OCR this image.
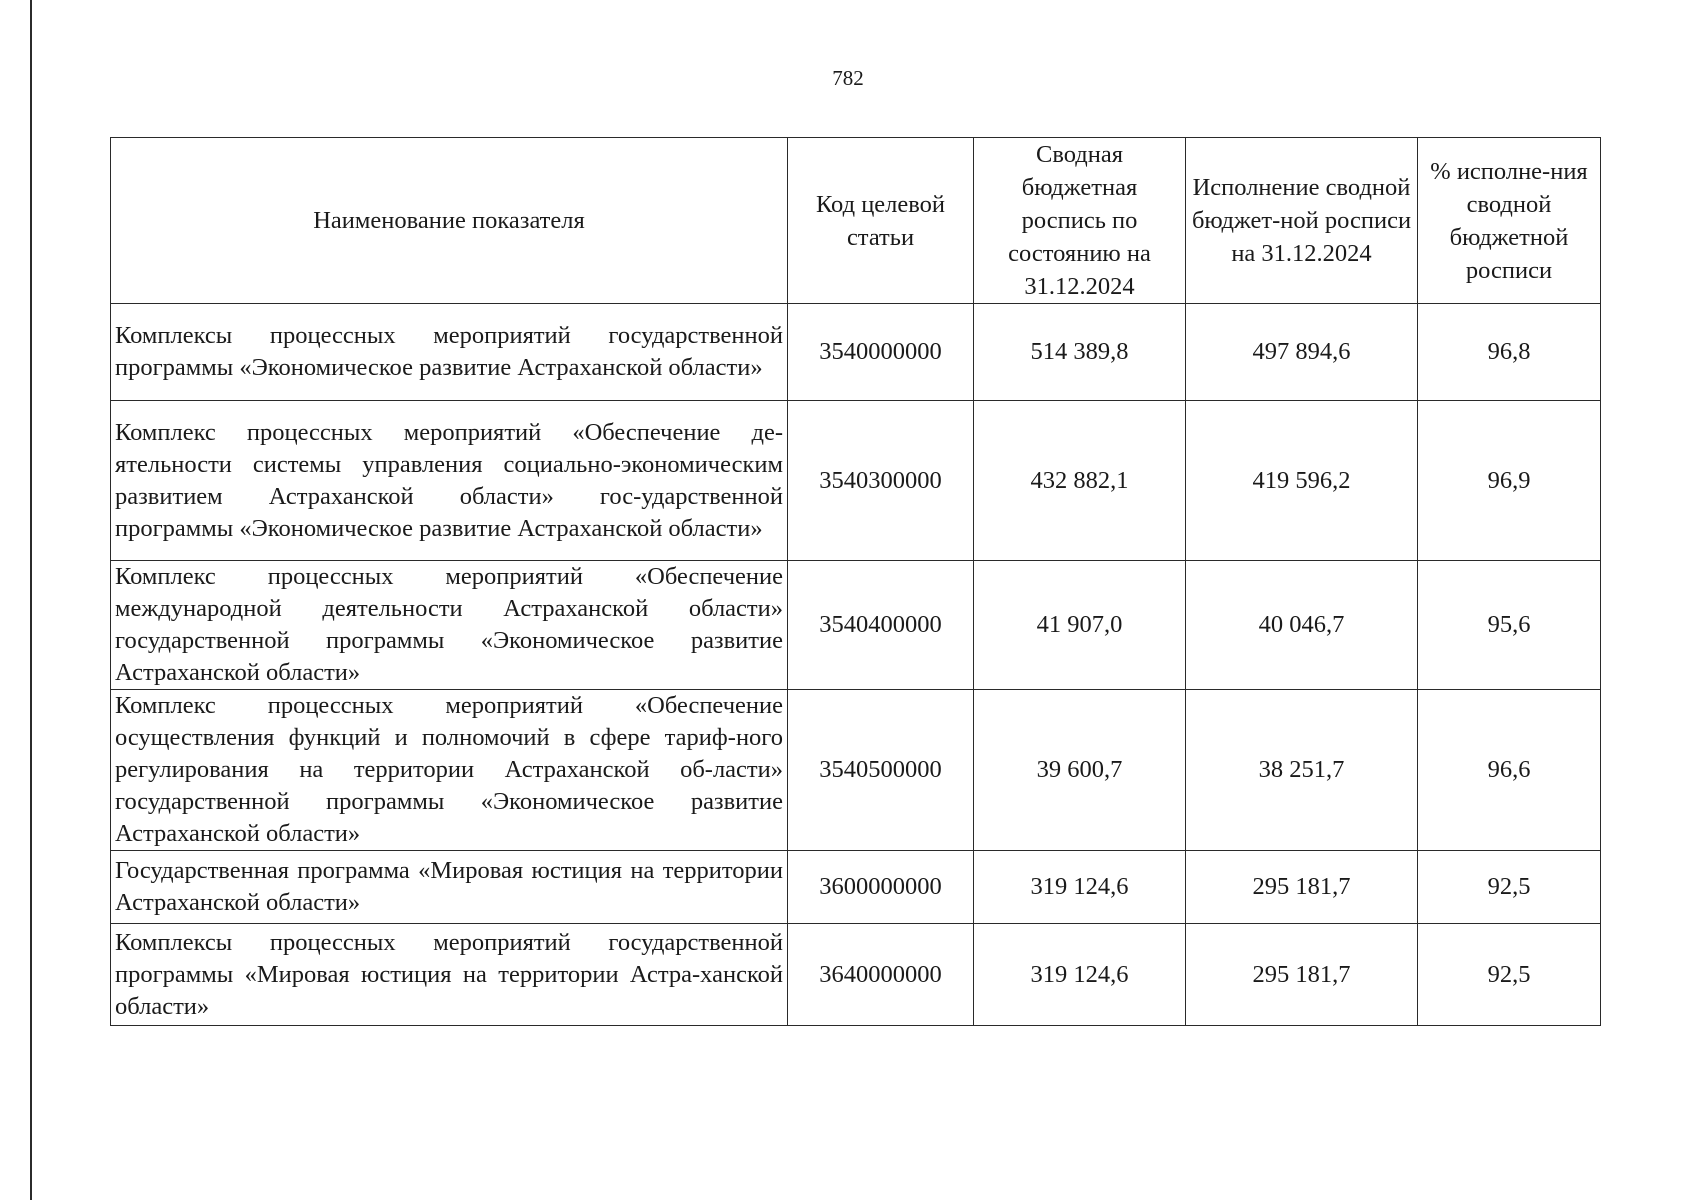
782
Наименование показателя	Код целевой статьи	Сводная бюджетная роспись по состоянию на 31.12.2024	Исполнение сводной бюджет-ной росписи на 31.12.2024	% исполне-ния сводной бюджетной росписи
Комплексы процессных мероприятий государственной программы «Экономическое развитие Астраханской области»	3540000000	514 389,8	497 894,6	96,8
Комплекс процессных мероприятий «Обеспечение де-ятельности системы управления социально-экономическим развитием Астраханской области» гос-ударственной программы «Экономическое развитие Астраханской области»	3540300000	432 882,1	419 596,2	96,9
Комплекс процессных мероприятий «Обеспечение международной деятельности Астраханской области» государственной программы «Экономическое развитие Астраханской области»	3540400000	41 907,0	40 046,7	95,6
Комплекс процессных мероприятий «Обеспечение осуществления функций и полномочий в сфере тариф-ного регулирования на территории Астраханской об-ласти» государственной программы «Экономическое развитие Астраханской области»	3540500000	39 600,7	38 251,7	96,6
Государственная программа «Мировая юстиция на территории Астраханской области»	3600000000	319 124,6	295 181,7	92,5
Комплексы процессных мероприятий государственной программы «Мировая юстиция на территории Астра-ханской области»	3640000000	319 124,6	295 181,7	92,5
